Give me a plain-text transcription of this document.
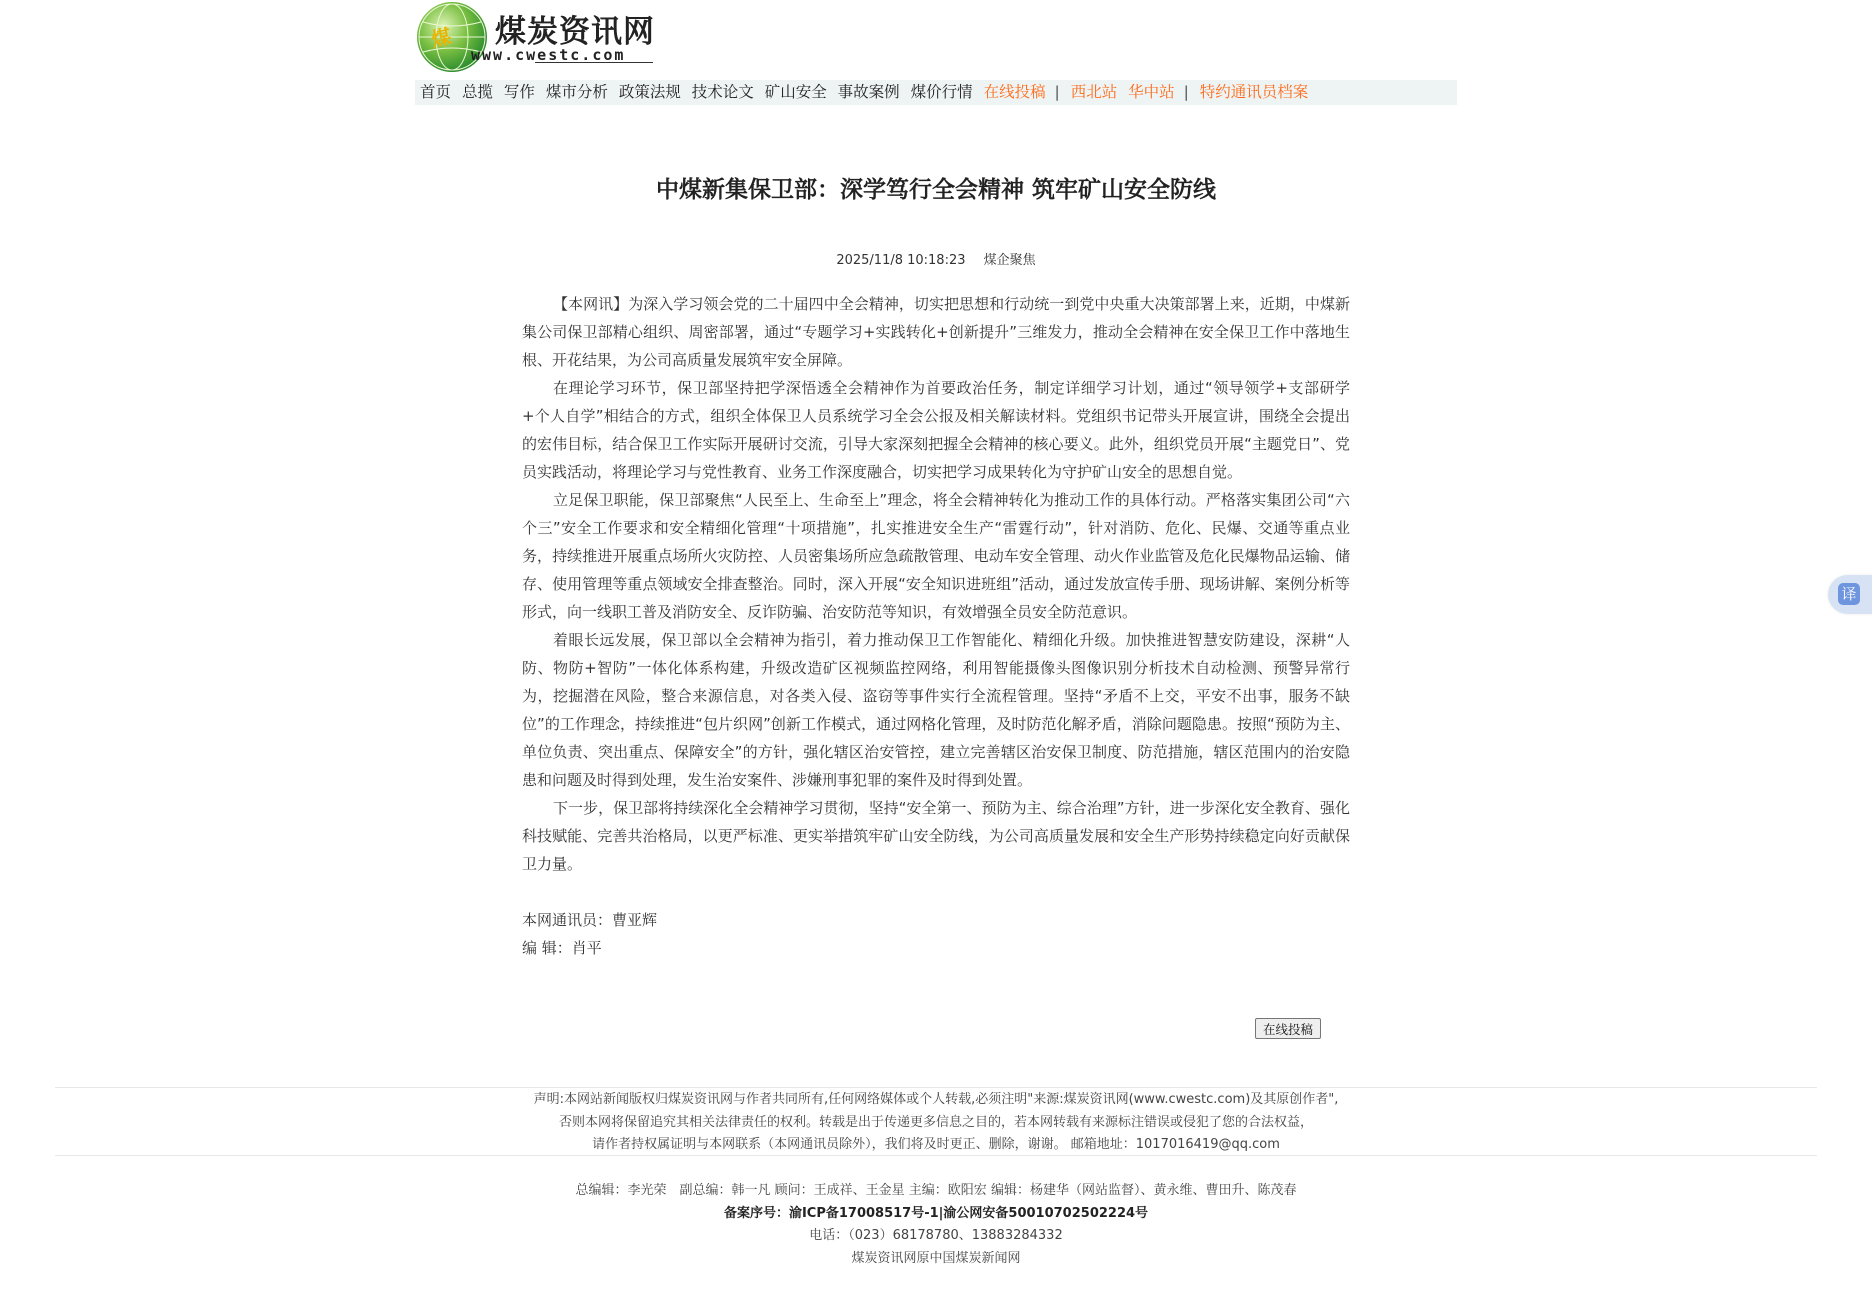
煤 煤炭资讯网
www.cwestc.com
首页 总揽 写作 煤市分析 政策法规 技术论文 矿山安全 事故案例 煤价行情 在线投稿 | 西北站 华中站 | 特约通讯员档案
中煤新集保卫部：深学笃行全会精神 筑牢矿山安全防线
2025/11/8 10:18:23 煤企聚焦

【本网讯】为深入学习领会党的二十届四中全会精神，切实把思想和行动统一到党中央重大决策部署上来，近期，中煤新集公司保卫部精心组织、周密部署，通过“专题学习+实践转化+创新提升”三维发力，推动全会精神在安全保卫工作中落地生根、开花结果，为公司高质量发展筑牢安全屏障。

在理论学习环节，保卫部坚持把学深悟透全会精神作为首要政治任务，制定详细学习计划，通过“领导领学+支部研学+个人自学”相结合的方式，组织全体保卫人员系统学习全会公报及相关解读材料。党组织书记带头开展宣讲，围绕全会提出的宏伟目标，结合保卫工作实际开展研讨交流，引导大家深刻把握全会精神的核心要义。此外，组织党员开展“主题党日”、党员实践活动，将理论学习与党性教育、业务工作深度融合，切实把学习成果转化为守护矿山安全的思想自觉。

立足保卫职能，保卫部聚焦“人民至上、生命至上”理念，将全会精神转化为推动工作的具体行动。严格落实集团公司“六个三”安全工作要求和安全精细化管理“十项措施”，扎实推进安全生产“雷霆行动”，针对消防、危化、民爆、交通等重点业务，持续推进开展重点场所火灾防控、人员密集场所应急疏散管理、电动车安全管理、动火作业监管及危化民爆物品运输、储存、使用管理等重点领域安全排查整治。同时，深入开展“安全知识进班组”活动，通过发放宣传手册、现场讲解、案例分析等形式，向一线职工普及消防安全、反诈防骗、治安防范等知识，有效增强全员安全防范意识。

着眼长远发展，保卫部以全会精神为指引，着力推动保卫工作智能化、精细化升级。加快推进智慧安防建设，深耕“人防、物防+智防”一体化体系构建，升级改造矿区视频监控网络，利用智能摄像头图像识别分析技术自动检测、预警异常行为，挖掘潜在风险，整合来源信息，对各类入侵、盗窃等事件实行全流程管理。坚持“矛盾不上交，平安不出事，服务不缺位”的工作理念，持续推进“包片织网”创新工作模式，通过网格化管理，及时防范化解矛盾，消除问题隐患。按照“预防为主、单位负责、突出重点、保障安全”的方针，强化辖区治安管控，建立完善辖区治安保卫制度、防范措施，辖区范围内的治安隐患和问题及时得到处理，发生治安案件、涉嫌刑事犯罪的案件及时得到处置。

下一步，保卫部将持续深化全会精神学习贯彻，坚持“安全第一、预防为主、综合治理”方针，进一步深化安全教育、强化科技赋能、完善共治格局，以更严标准、更实举措筑牢矿山安全防线，为公司高质量发展和安全生产形势持续稳定向好贡献保卫力量。

本网通讯员：曹亚辉
编 辑：肖平
在线投稿
声明:本网站新闻版权归煤炭资讯网与作者共同所有,任何网络媒体或个人转载,必须注明"来源:煤炭资讯网(www.cwestc.com)及其原创作者",
否则本网将保留追究其相关法律责任的权利。转载是出于传递更多信息之目的，若本网转载有来源标注错误或侵犯了您的合法权益，
请作者持权属证明与本网联系（本网通讯员除外），我们将及时更正、删除，谢谢。 邮箱地址：1017016419@qq.com
总编辑：李光荣　副总编：韩一凡 顾问：王成祥、王金星 主编：欧阳宏 编辑：杨建华（网站监督）、黄永维、曹田升、陈茂春
备案序号：渝ICP备17008517号-1|渝公网安备50010702502224号
电话：（023）68178780、13883284332
煤炭资讯网原中国煤炭新闻网
译
